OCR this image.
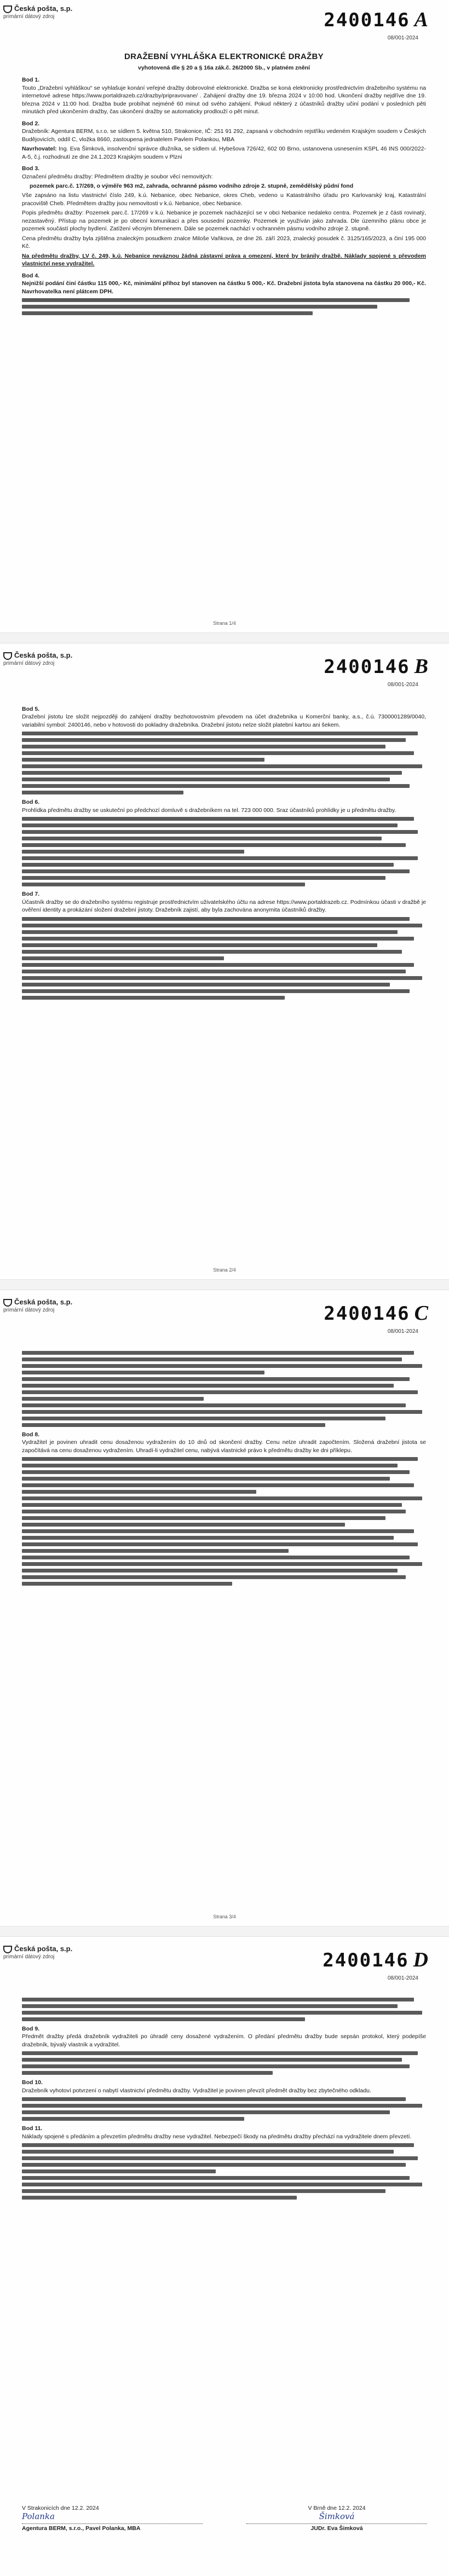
Česká pošta, s.p.
primární dátový zdroj	2400146 A
08/001-2024
DRAŽEBNÍ VYHLÁŠKA ELEKTRONICKÉ DRAŽBY
vyhotovená dle § 20 a § 16a zák.č. 26/2000 Sb., v platném znění
Bod 1.

Touto „Dražební vyhláškou“ se vyhlašuje konání veřejné dražby dobrovolné elektronické. Dražba se koná elektronicky prostřednictvím dražebního systému na internetové adrese https://www.portaldrazeb.cz/drazby/pripravovane/ . Zahájení dražby dne 19. března 2024 v 10:00 hod. Ukončení dražby nejdříve dne 19. března 2024 v 11:00 hod. Dražba bude probíhat nejméně 60 minut od svého zahájení. Pokud některý z účastníků dražby učiní podání v posledních pěti minutách před ukončením dražby, čas ukončení dražby se automaticky prodlouží o pět minut.

Bod 2.

Dražebník: Agentura BERM, s.r.o. se sídlem 5. května 510, Strakonice, IČ: 251 91 292, zapsaná v obchodním rejstříku vedeném Krajským soudem v Českých Budějovicích, oddíl C, vložka 8660, zastoupena jednatelem Pavlem Polankou, MBA

Navrhovatel: Ing. Eva Šimková, insolvenční správce dlužníka, se sídlem ul. Hybešova 726/42, 602 00 Brno, ustanovena usnesením KSPL 46 INS 000/2022-A-5, č.j. rozhodnutí ze dne 24.1.2023 Krajským soudem v Plzni

Bod 3.

Označení předmětu dražby: Předmětem dražby je soubor věcí nemovitých:

pozemek parc.č. 17/269, o výměře 963 m2, zahrada, ochranné pásmo vodního zdroje 2. stupně, zemědělský půdní fond

Vše zapsáno na listu vlastnictví číslo 249, k.ú. Nebanice, obec Nebanice, okres Cheb, vedeno u Katastrálního úřadu pro Karlovarský kraj, Katastrální pracoviště Cheb. Předmětem dražby jsou nemovitosti v k.ú. Nebanice, obec Nebanice.

Popis předmětu dražby: Pozemek parc.č. 17/269 v k.ú. Nebanice je pozemek nacházející se v obci Nebanice nedaleko centra. Pozemek je z části rovinatý, nezastavěný. Přístup na pozemek je po obecní komunikaci a přes sousední pozemky. Pozemek je využíván jako zahrada. Dle územního plánu obce je pozemek součástí plochy bydlení. Zatížení věcným břemenem. Dále se pozemek nachází v ochranném pásmu vodního zdroje 2. stupně.

Cena předmětu dražby byla zjištěna znaleckým posudkem znalce Miloše Vaňkova, ze dne 26. září 2023, znalecký posudek č. 3125/165/2023, a činí 195 000 Kč.

Na předmětu dražby, LV č. 249, k.ú. Nebanice neváznou žádná zástavní práva a omezení, které by bránily dražbě. Náklady spojené s převodem vlastnictví nese vydražitel.

Bod 4.

Nejnižší podání činí částku 115 000,- Kč, minimální příhoz byl stanoven na částku 5 000,- Kč. Dražební jistota byla stanovena na částku 20 000,- Kč. Navrhovatelka není plátcem DPH.

Strana 1/4
Česká pošta, s.p.
primární dátový zdroj	2400146 B
08/001-2024
Bod 5.

Dražební jistotu lze složit nejpozději do zahájení dražby bezhotovostním převodem na účet dražebníka u Komerční banky, a.s., č.ú. 7300001289/0040, variabilní symbol: 2400146, nebo v hotovosti do pokladny dražebníka. Dražební jistotu nelze složit platební kartou ani šekem.

Bod 6.

Prohlídka předmětu dražby se uskuteční po předchozí domluvě s dražebníkem na tel. 723 000 000. Sraz účastníků prohlídky je u předmětu dražby.

Bod 7.

Účastník dražby se do dražebního systému registruje prostřednictvím uživatelského účtu na adrese https://www.portaldrazeb.cz. Podmínkou účasti v dražbě je ověření identity a prokázání složení dražební jistoty. Dražebník zajistí, aby byla zachována anonymita účastníků dražby.

Strana 2/4
Česká pošta, s.p.
primární dátový zdroj	2400146 C
08/001-2024
Bod 8.

Vydražitel je povinen uhradit cenu dosaženou vydražením do 10 dnů od skončení dražby. Cenu nelze uhradit započtením. Složená dražební jistota se započítává na cenu dosaženou vydražením. Uhradí-li vydražitel cenu, nabývá vlastnické právo k předmětu dražby ke dni příklepu.

Strana 3/4
Česká pošta, s.p.
primární dátový zdroj	2400146 D
08/001-2024
Bod 9.

Předmět dražby předá dražebník vydražiteli po úhradě ceny dosažené vydražením. O předání předmětu dražby bude sepsán protokol, který podepíše dražebník, bývalý vlastník a vydražitel.

Bod 10.

Dražebník vyhotoví potvrzení o nabytí vlastnictví předmětu dražby. Vydražitel je povinen převzít předmět dražby bez zbytečného odkladu.

Bod 11.

Náklady spojené s předáním a převzetím předmětu dražby nese vydražitel. Nebezpečí škody na předmětu dražby přechází na vydražitele dnem převzetí.

V Strakonicích dne 12.2. 2024
Polanka
Agentura BERM, s.r.o., Pavel Polanka, MBA
V Brně dne 12.2. 2024
Šimková
JUDr. Eva Šimková
